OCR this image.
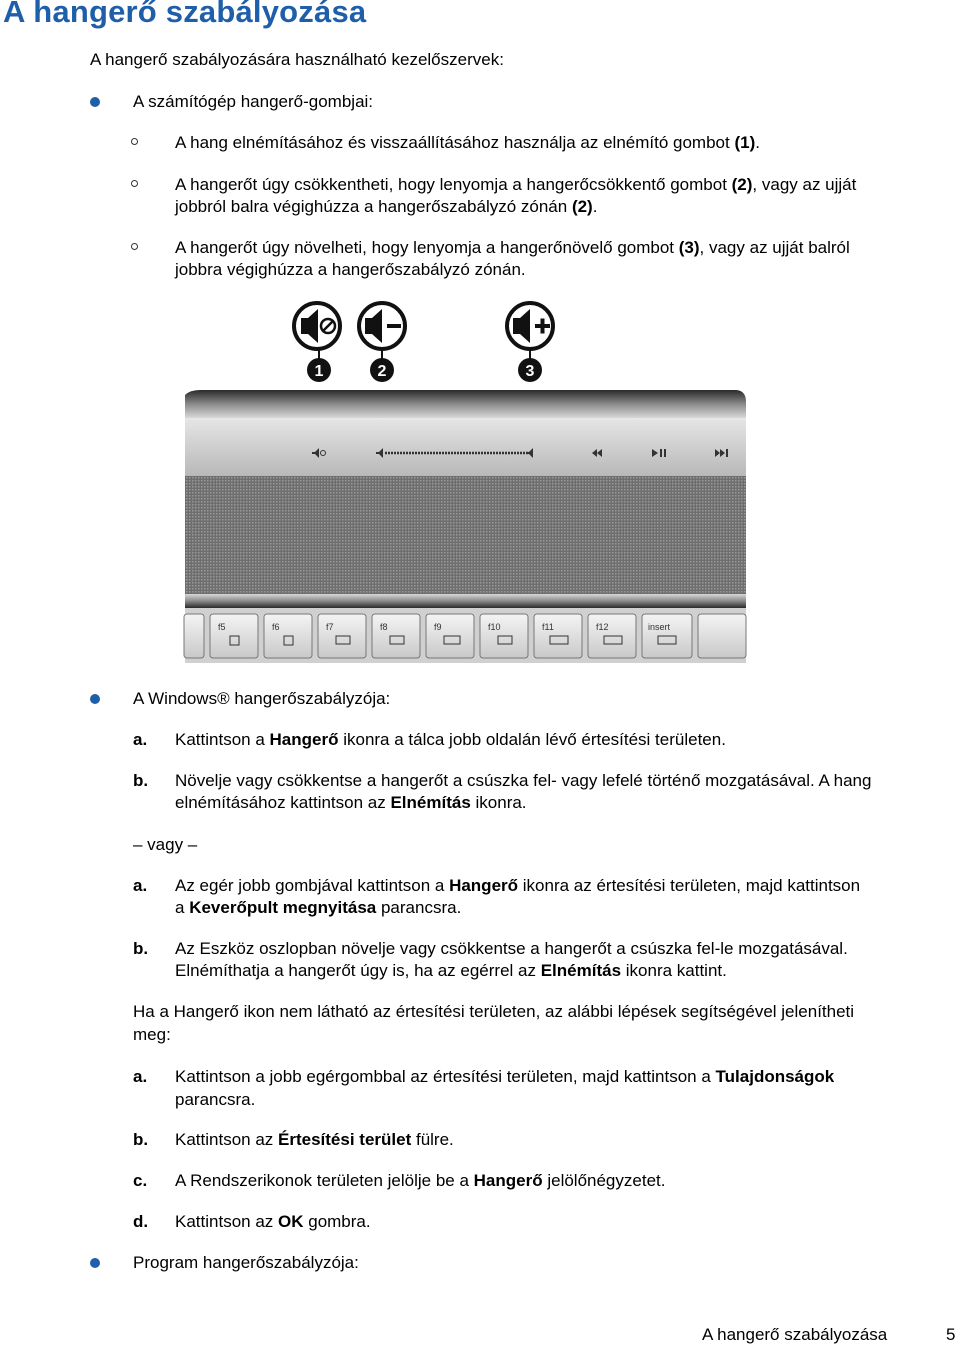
A hangerő szabályozása
A hangerő szabályozására használható kezelőszervek:
A számítógép hangerő-gombjai:
A hang elnémításához és visszaállításához használja az elnémító gombot (1).
A hangerőt úgy csökkentheti, hogy lenyomja a hangerőcsökkentő gombot (2), vagy az ujját
jobbról balra végighúzza a hangerőszabályzó zónán (2).
A hangerőt úgy növelheti, hogy lenyomja a hangerőnövelő gombot (3), vagy az ujját balról
jobbra végighúzza a hangerőszabályzó zónán.
1	2	3
f5	f6	f7	f8	f9	f10	f11	f12	insert
A Windows® hangerőszabályzója:
a. Kattintson a Hangerő ikonra a tálca jobb oldalán lévő értesítési területen.
b. Növelje vagy csökkentse a hangerőt a csúszka fel- vagy lefelé történő mozgatásával. A hang
elnémításához kattintson az Elnémítás ikonra.
– vagy –
a. Az egér jobb gombjával kattintson a Hangerő ikonra az értesítési területen, majd kattintson
a Keverőpult megnyitása parancsra.
b. Az Eszköz oszlopban növelje vagy csökkentse a hangerőt a csúszka fel-le mozgatásával.
Elnémíthatja a hangerőt úgy is, ha az egérrel az Elnémítás ikonra kattint.
Ha a Hangerő ikon nem látható az értesítési területen, az alábbi lépések segítségével jelenítheti
meg:
a. Kattintson a jobb egérgombbal az értesítési területen, majd kattintson a Tulajdonságok
parancsra.
b. Kattintson az Értesítési terület fülre.
c. A Rendszerikonok területen jelölje be a Hangerő jelölőnégyzetet.
d. Kattintson az OK gombra.
Program hangerőszabályzója:
A hangerő szabályozása	5
